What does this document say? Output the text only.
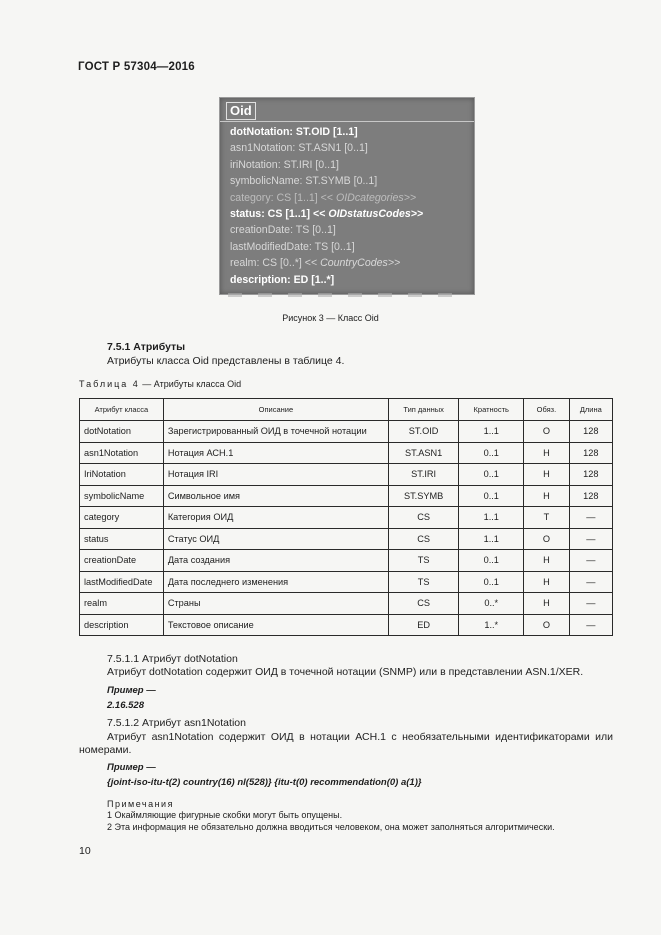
ГОСТ Р 57304—2016
Oid
dotNotation: ST.OID [1..1]
asn1Notation: ST.ASN1 [0..1]
iriNotation: ST.IRI [0..1]
symbolicName: ST.SYMB [0..1]
category: CS [1..1] << OIDcategories>>
status: CS [1..1] << OIDstatusCodes>>
creationDate: TS [0..1]
lastModifiedDate: TS [0..1]
realm: CS [0..*] << CountryCodes>>
description: ED [1..*]
Рисунок 3 — Класс Oid
7.5.1 Атрибуты
Атрибуты класса Oid представлены в таблице 4.
Таблица 4 — Атрибуты класса Oid
Атрибут класса	Описание	Тип данных	Кратность	Обяз.	Длина
dotNotation	Зарегистрированный ОИД в точечной нотации	ST.OID	1..1	О	128
asn1Notation	Нотация АСН.1	ST.ASN1	0..1	Н	128
IriNotation	Нотация IRI	ST.IRI	0..1	Н	128
symbolicName	Символьное имя	ST.SYMB	0..1	Н	128
category	Категория ОИД	CS	1..1	Т	—
status	Статус ОИД	CS	1..1	О	—
creationDate	Дата создания	TS	0..1	Н	—
lastModifiedDate	Дата последнего изменения	TS	0..1	Н	—
realm	Страны	CS	0..*	Н	—
description	Текстовое описание	ED	1..*	О	—
7.5.1.1 Атрибут dotNotation
Атрибут dotNotation содержит ОИД в точечной нотации (SNMP) или в представлении ASN.1/XER.
Пример —
2.16.528
7.5.1.2 Атрибут asn1Notation
Атрибут asn1Notation содержит ОИД в нотации АСН.1 с необязательными идентификаторами или
номерами.
Пример —
{joint-iso-itu-t(2) country(16) nl(528)} {itu-t(0) recommendation(0) a(1)}
Примечания
1 Окаймляющие фигурные скобки могут быть опущены.
2 Эта информация не обязательно должна вводиться человеком, она может заполняться алгоритмически.
10
